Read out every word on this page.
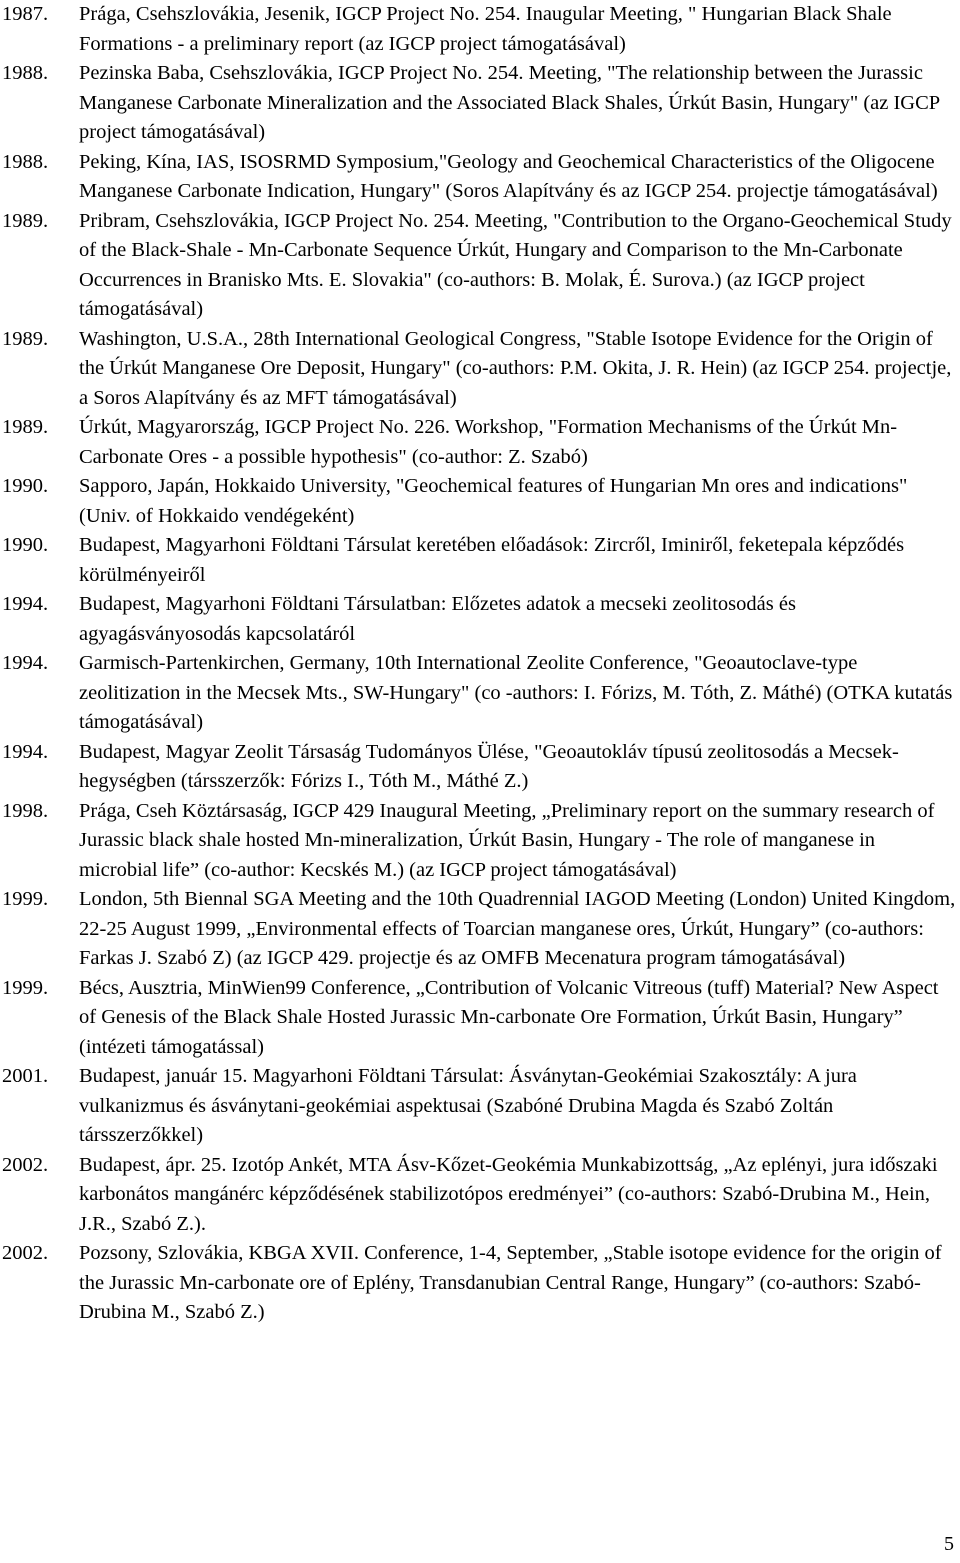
1987.	Prága, Csehszlovákia, Jesenik, IGCP Project No. 254. Inaugular Meeting, " Hungarian Black Shale Formations - a preliminary report (az IGCP project támogatásával)
1988.	Pezinska Baba, Csehszlovákia, IGCP Project No. 254. Meeting, "The relationship between the Jurassic Manganese Carbonate Mineralization and the Associated Black Shales, Úrkút Basin, Hungary" (az IGCP project támogatásával)
1988.	Peking, Kína, IAS, ISOSRMD Symposium,"Geology and Geochemical Characteristics of the Oligocene Manganese Carbonate Indication, Hungary" (Soros Alapítvány és az IGCP 254. projectje támogatásával)
1989.	Pribram, Csehszlovákia, IGCP Project No. 254. Meeting, "Contribution to the Organo-Geochemical Study of the Black-Shale - Mn-Carbonate Sequence Úrkút, Hungary and Comparison to the Mn-Carbonate Occurrences in Branisko Mts. E. Slovakia" (co-authors: B. Molak, É. Surova.) (az IGCP project támogatásával)
1989.	Washington, U.S.A., 28th International Geological Congress, "Stable Isotope Evidence for the Origin of the Úrkút Manganese Ore Deposit, Hungary" (co-authors: P.M. Okita, J. R. Hein) (az IGCP 254. projectje, a Soros Alapítvány és az MFT támogatásával)
1989.	Úrkút, Magyarország, IGCP Project No. 226. Workshop, "Formation Mechanisms of the Úrkút Mn-Carbonate Ores - a possible hypothesis" (co-author: Z. Szabó)
1990.	Sapporo, Japán, Hokkaido University, "Geochemical features of Hungarian Mn ores and indications" (Univ. of Hokkaido vendégeként)
1990.	Budapest, Magyarhoni Földtani Társulat keretében előadások: Zircről, Iminiről, feketepala képződés körülményeiről
1994.	Budapest, Magyarhoni Földtani Társulatban: Előzetes adatok a mecseki zeolitosodás és agyagásványosodás kapcsolatáról
1994.	Garmisch-Partenkirchen, Germany, 10th International Zeolite Conference, "Geoautoclave-type zeolitization in the Mecsek Mts., SW-Hungary" (co -authors: I. Fórizs, M. Tóth, Z. Máthé) (OTKA kutatás támogatásával)
1994.	Budapest, Magyar Zeolit Társaság Tudományos Ülése, "Geoautokláv típusú zeolitosodás a Mecsek-hegységben (társszerzők: Fórizs I., Tóth M., Máthé Z.)
1998.	Prága, Cseh Köztársaság, IGCP 429 Inaugural Meeting, „Preliminary report on the summary research of Jurassic black shale hosted Mn-mineralization, Úrkút Basin, Hungary - The role of manganese in microbial life” (co-author: Kecskés M.) (az IGCP project támogatásával)
1999.	London, 5th Biennal SGA Meeting and the 10th Quadrennial IAGOD Meeting (London) United Kingdom, 22-25 August 1999, „Environmental effects of Toarcian manganese ores, Úrkút, Hungary” (co-authors: Farkas J. Szabó Z) (az IGCP 429. projectje és az OMFB Mecenatura program támogatásával)
1999.	Bécs, Ausztria, MinWien99 Conference, „Contribution of Volcanic Vitreous (tuff) Material? New Aspect of Genesis of the Black Shale Hosted Jurassic Mn-carbonate Ore Formation, Úrkút Basin, Hungary” (intézeti támogatással)
2001.	Budapest, január 15. Magyarhoni Földtani Társulat: Ásványtan-Geokémiai Szakosztály: A jura vulkanizmus és ásványtani-geokémiai aspektusai (Szabóné Drubina Magda és Szabó Zoltán társszerzőkkel)
2002.	Budapest, ápr. 25. Izotóp Ankét, MTA Ásv-Kőzet-Geokémia Munkabizottság, „Az eplényi, jura időszaki karbonátos mangánérc képződésének stabilizotópos eredményei” (co-authors: Szabó-Drubina M., Hein, J.R., Szabó Z.).
2002.	Pozsony, Szlovákia, KBGA XVII. Conference, 1-4, September, „Stable isotope evidence for the origin of the Jurassic Mn-carbonate ore of Eplény, Transdanubian Central Range, Hungary” (co-authors: Szabó-Drubina M., Szabó Z.)
5
